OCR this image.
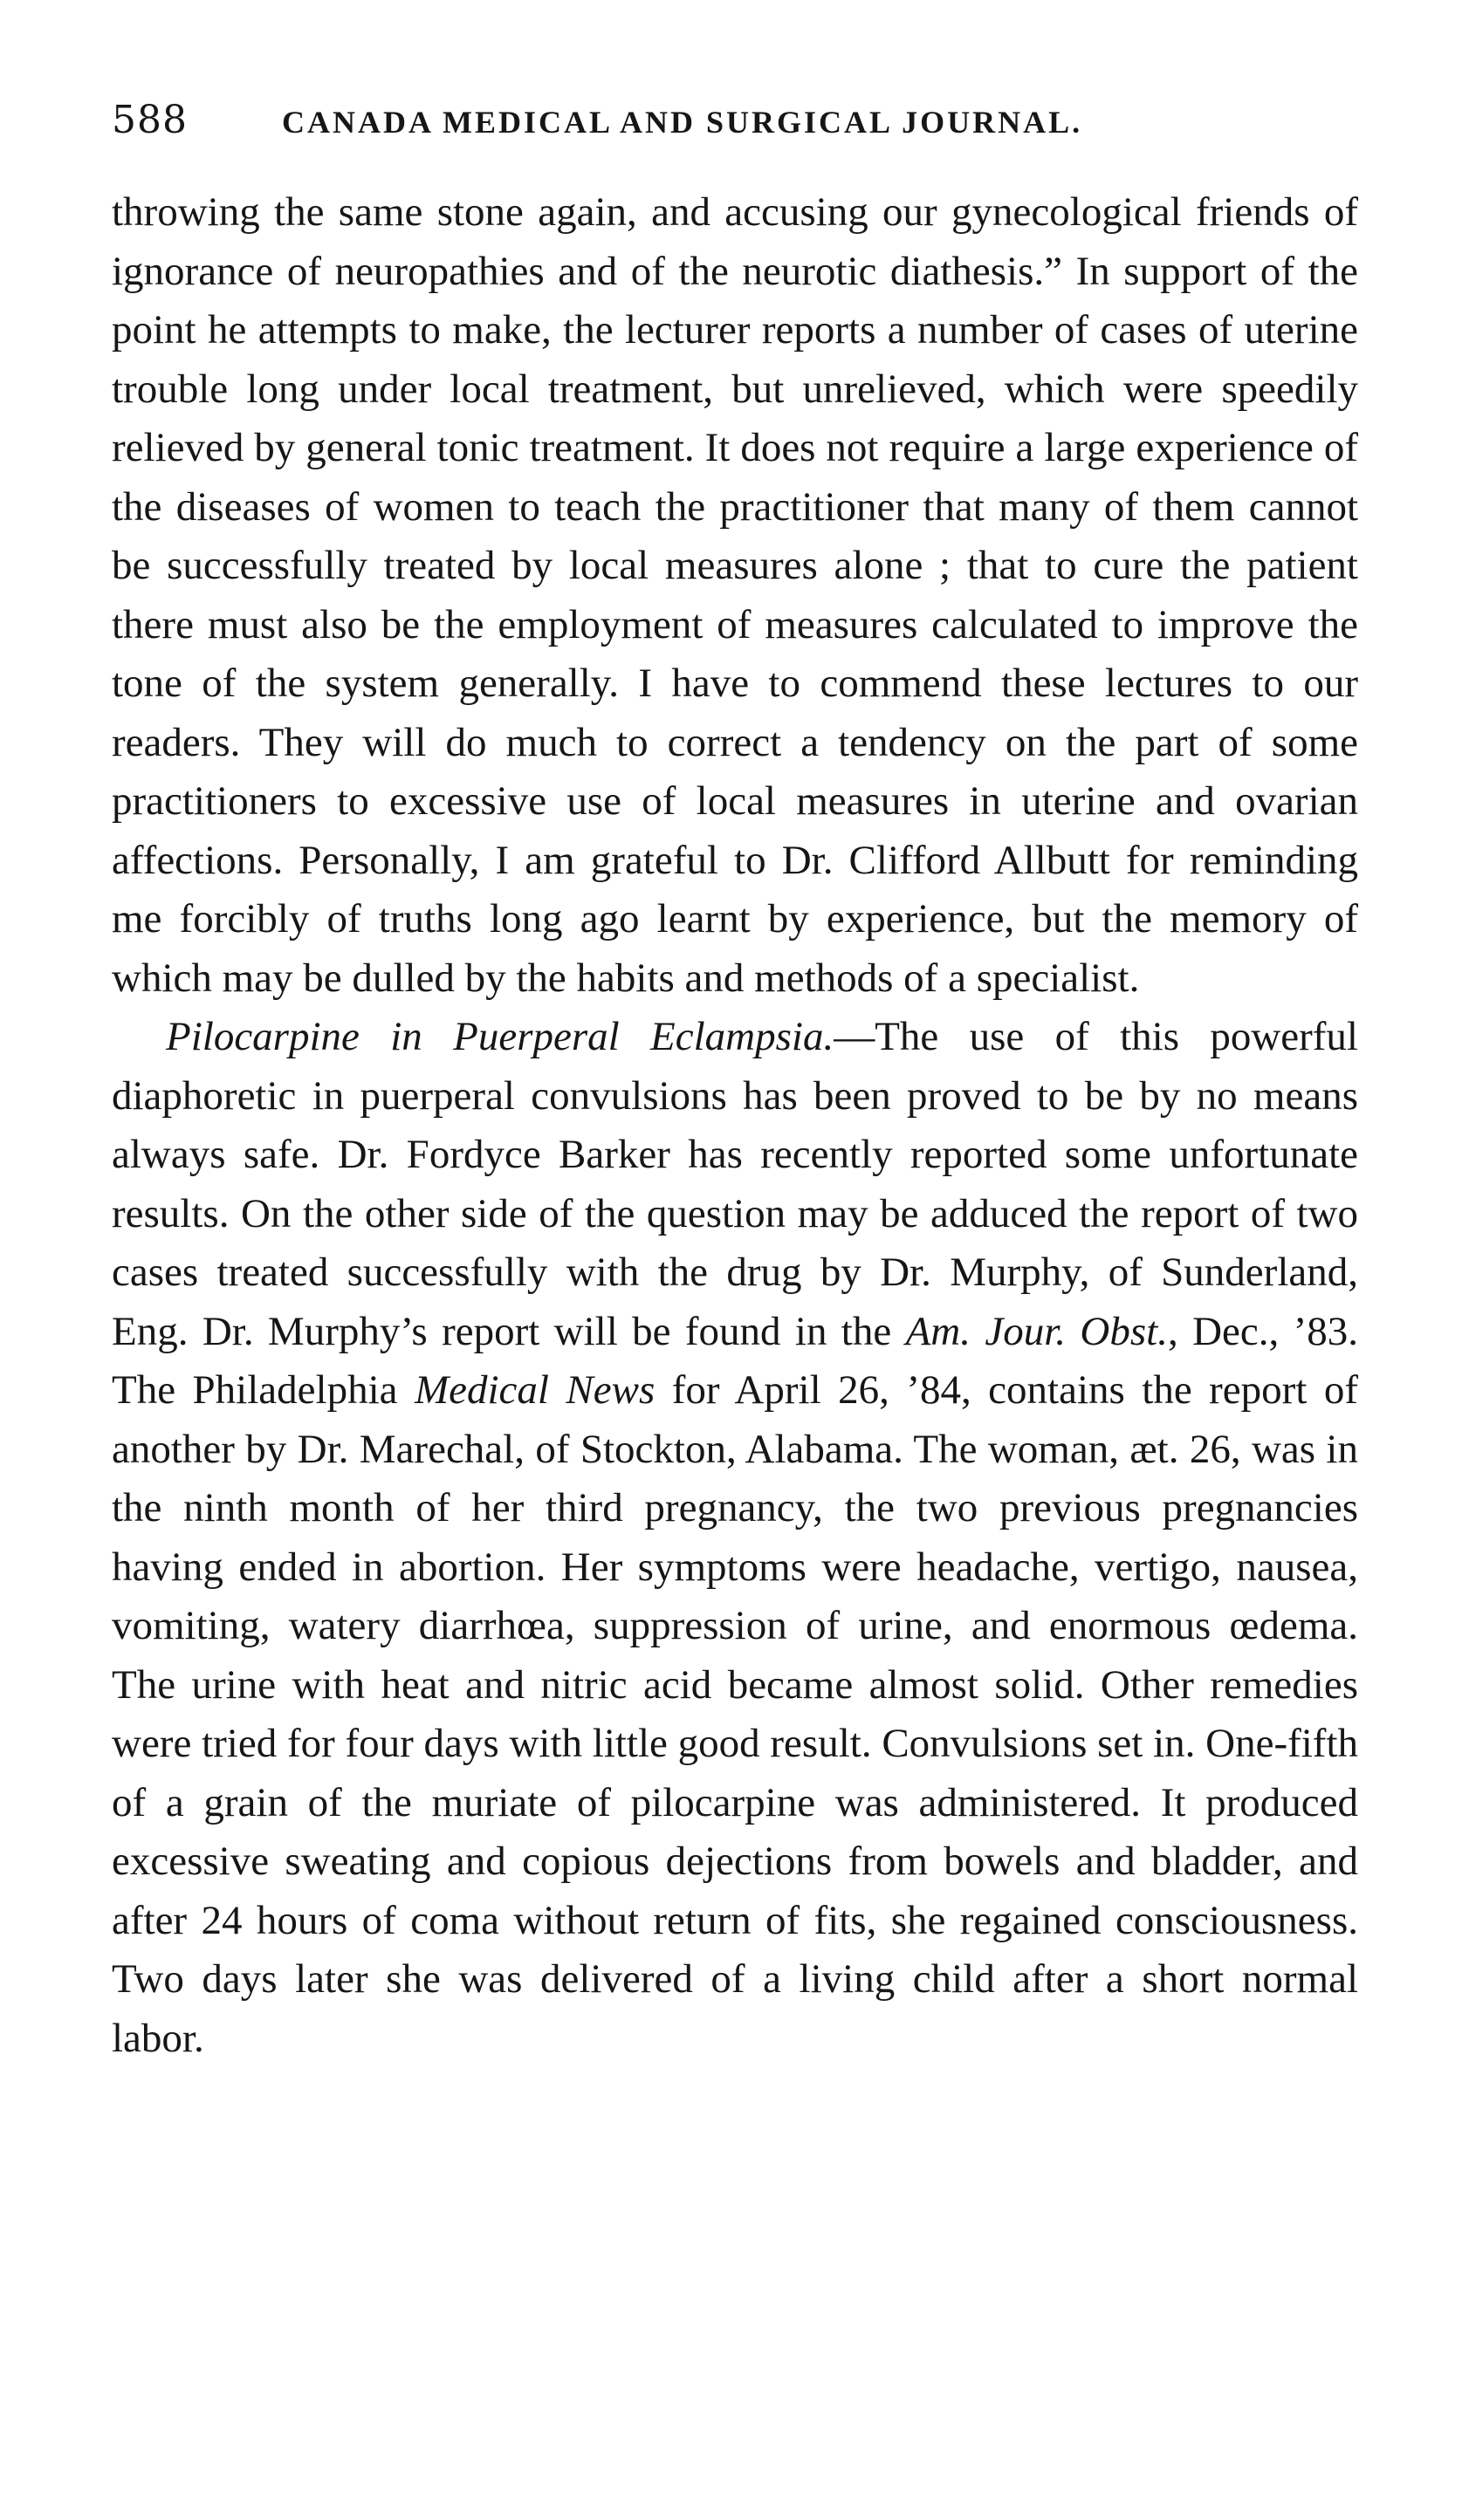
588	CANADA MEDICAL AND SURGICAL JOURNAL.

throwing the same stone again, and accusing our gynecological friends of ignorance of neuropathies and of the neurotic diathesis.” In support of the point he attempts to make, the lecturer reports a number of cases of uterine trouble long under local treatment, but unrelieved, which were speedily relieved by general tonic treatment. It does not require a large experience of the diseases of women to teach the practitioner that many of them cannot be successfully treated by local measures alone ; that to cure the patient there must also be the employment of measures calculated to improve the tone of the system generally. I have to commend these lectures to our readers. They will do much to correct a tendency on the part of some practitioners to excessive use of local measures in uterine and ovarian affections. Personally, I am grateful to Dr. Clifford Allbutt for reminding me forcibly of truths long ago learnt by experience, but the memory of which may be dulled by the habits and methods of a specialist.

Pilocarpine in Puerperal Eclampsia.—The use of this powerful diaphoretic in puerperal convulsions has been proved to be by no means always safe. Dr. Fordyce Barker has recently reported some unfortunate results. On the other side of the question may be adduced the report of two cases treated successfully with the drug by Dr. Murphy, of Sunderland, Eng. Dr. Murphy’s report will be found in the Am. Jour. Obst., Dec., ’83. The Philadelphia Medical News for April 26, ’84, contains the report of another by Dr. Marechal, of Stockton, Alabama. The woman, æt. 26, was in the ninth month of her third pregnancy, the two previous pregnancies having ended in abortion. Her symptoms were headache, vertigo, nausea, vomiting, watery diarrhœa, suppression of urine, and enormous œdema. The urine with heat and nitric acid became almost solid. Other remedies were tried for four days with little good result. Convulsions set in. One-fifth of a grain of the muriate of pilocarpine was administered. It produced excessive sweating and copious dejections from bowels and bladder, and after 24 hours of coma without return of fits, she regained consciousness. Two days later she was delivered of a living child after a short normal labor.
